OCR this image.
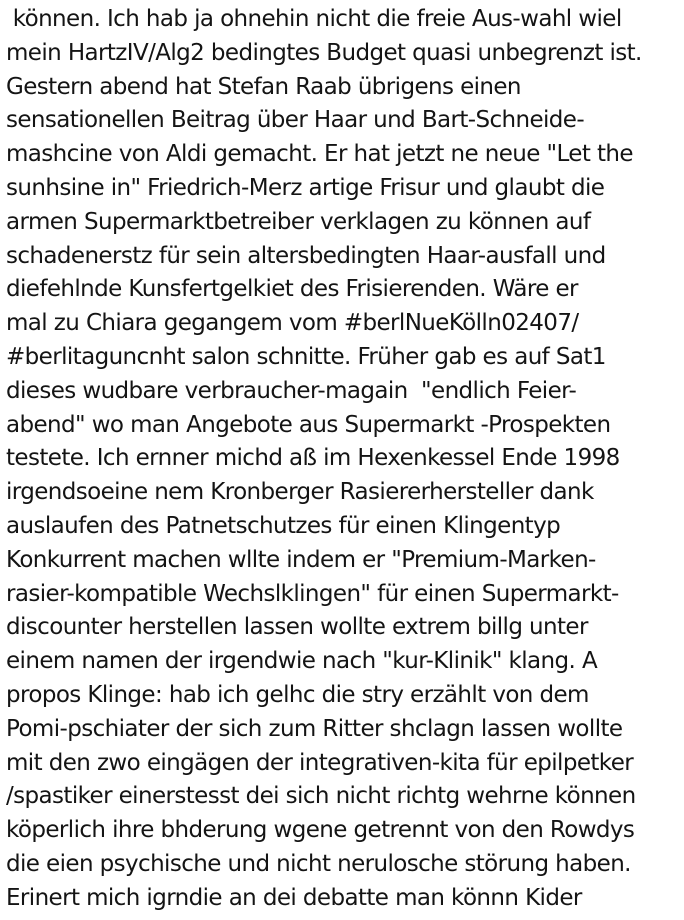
können. Ich hab ja ohnehin nicht die freie Aus-wahl wiel
mein HartzIV/Alg2 bedingtes Budget quasi unbegrenzt ist.
Gestern abend hat Stefan Raab übrigens einen
sensationellen Beitrag über Haar und Bart-Schneide-
mashcine von Aldi gemacht. Er hat jetzt ne neue "Let the
sunhsine in" Friedrich-Merz artige Frisur und glaubt die
armen Supermarktbetreiber verklagen zu können auf
schadenerstz für sein altersbedingten Haar-ausfall und
diefehlnde Kunsfertgelkiet des Frisierenden. Wäre er
mal zu Chiara gegangem vom #berlNueKölln02407/
#berlitaguncnht salon schnitte. Früher gab es auf Sat1
dieses wudbare verbraucher-magain  "endlich Feier-
abend" wo man Angebote aus Supermarkt -Prospekten
testete. Ich ernner michd aß im Hexenkessel Ende 1998
irgendsoeine nem Kronberger Rasiererhersteller dank
auslaufen des Patnetschutzes für einen Klingentyp
Konkurrent machen wllte indem er "Premium-Marken-
rasier-kompatible Wechslklingen" für einen Supermarkt-
discounter herstellen lassen wollte extrem billg unter
einem namen der irgendwie nach "kur-Klinik" klang. A
propos Klinge: hab ich gelhc die stry erzählt von dem
Pomi-pschiater der sich zum Ritter shclagn lassen wollte
mit den zwo eingägen der integrativen-kita für epilpetker
/spastiker einerstesst dei sich nicht richtg wehrne können
köperlich ihre bhderung wgene getrennt von den Rowdys
die eien psychische und nicht nerulosche störung haben.
Erinert mich igrndie an dei debatte man könnn Kider
